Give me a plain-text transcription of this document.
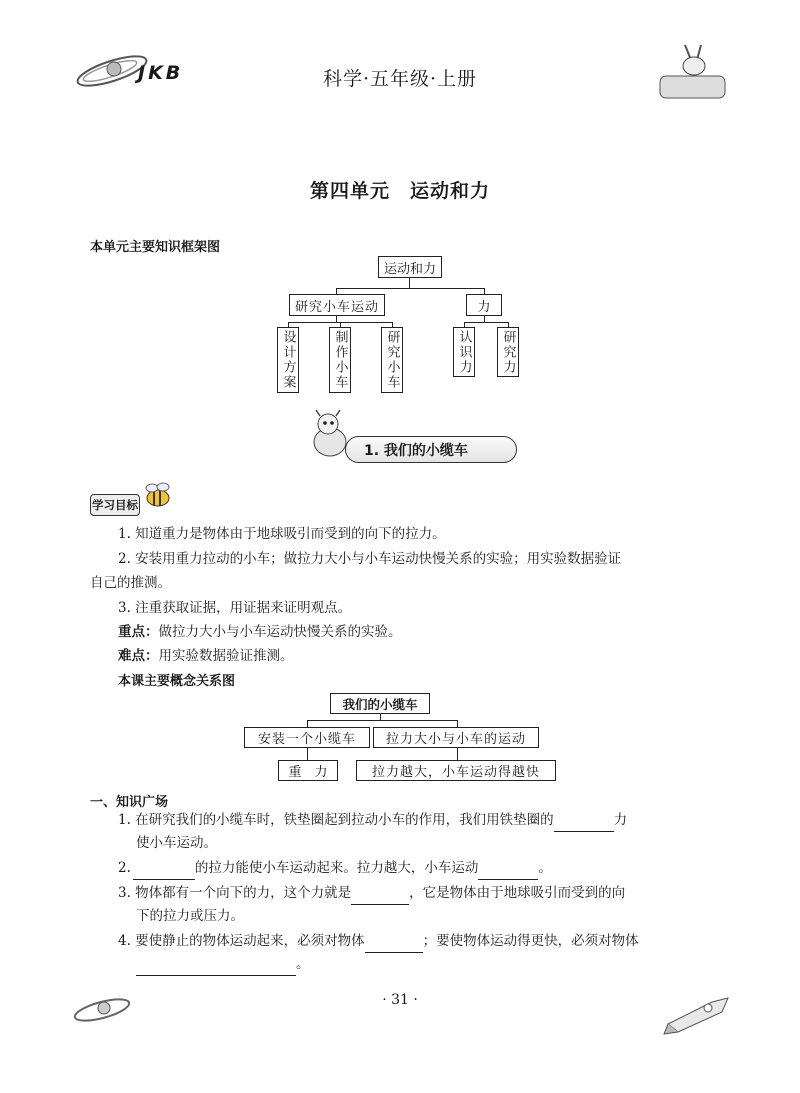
JKB	科学·五年级·上册
第四单元　运动和力
本单元主要知识框架图
运动和力
研究小车运动	力
设计方案	制作小车	研究小车	认识力 研究力
1. 我们的小缆车
学习目标
1. 知道重力是物体由于地球吸引而受到的向下的拉力。
2. 安装用重力拉动的小车；做拉力大小与小车运动快慢关系的实验；用实验数据验证
自己的推测。
3. 注重获取证据，用证据来证明观点。
重点：做拉力大小与小车运动快慢关系的实验。
难点：用实验数据验证推测。
本课主要概念关系图
我们的小缆车
安装一个小缆车	拉力大小与小车的运动
重　力	拉力越大，小车运动得越快
一、知识广场
1. 在研究我们的小缆车时，铁垫圈起到拉动小车的作用，我们用铁垫圈的	力
使小车运动。
2.	的拉力能使小车运动起来。拉力越大，小车运动	。
3. 物体都有一个向下的力，这个力就是	，它是物体由于地球吸引而受到的向
下的拉力或压力。
4. 要使静止的物体运动起来，必须对物体	；要使物体运动得更快，必须对物体
。
· 31 ·
